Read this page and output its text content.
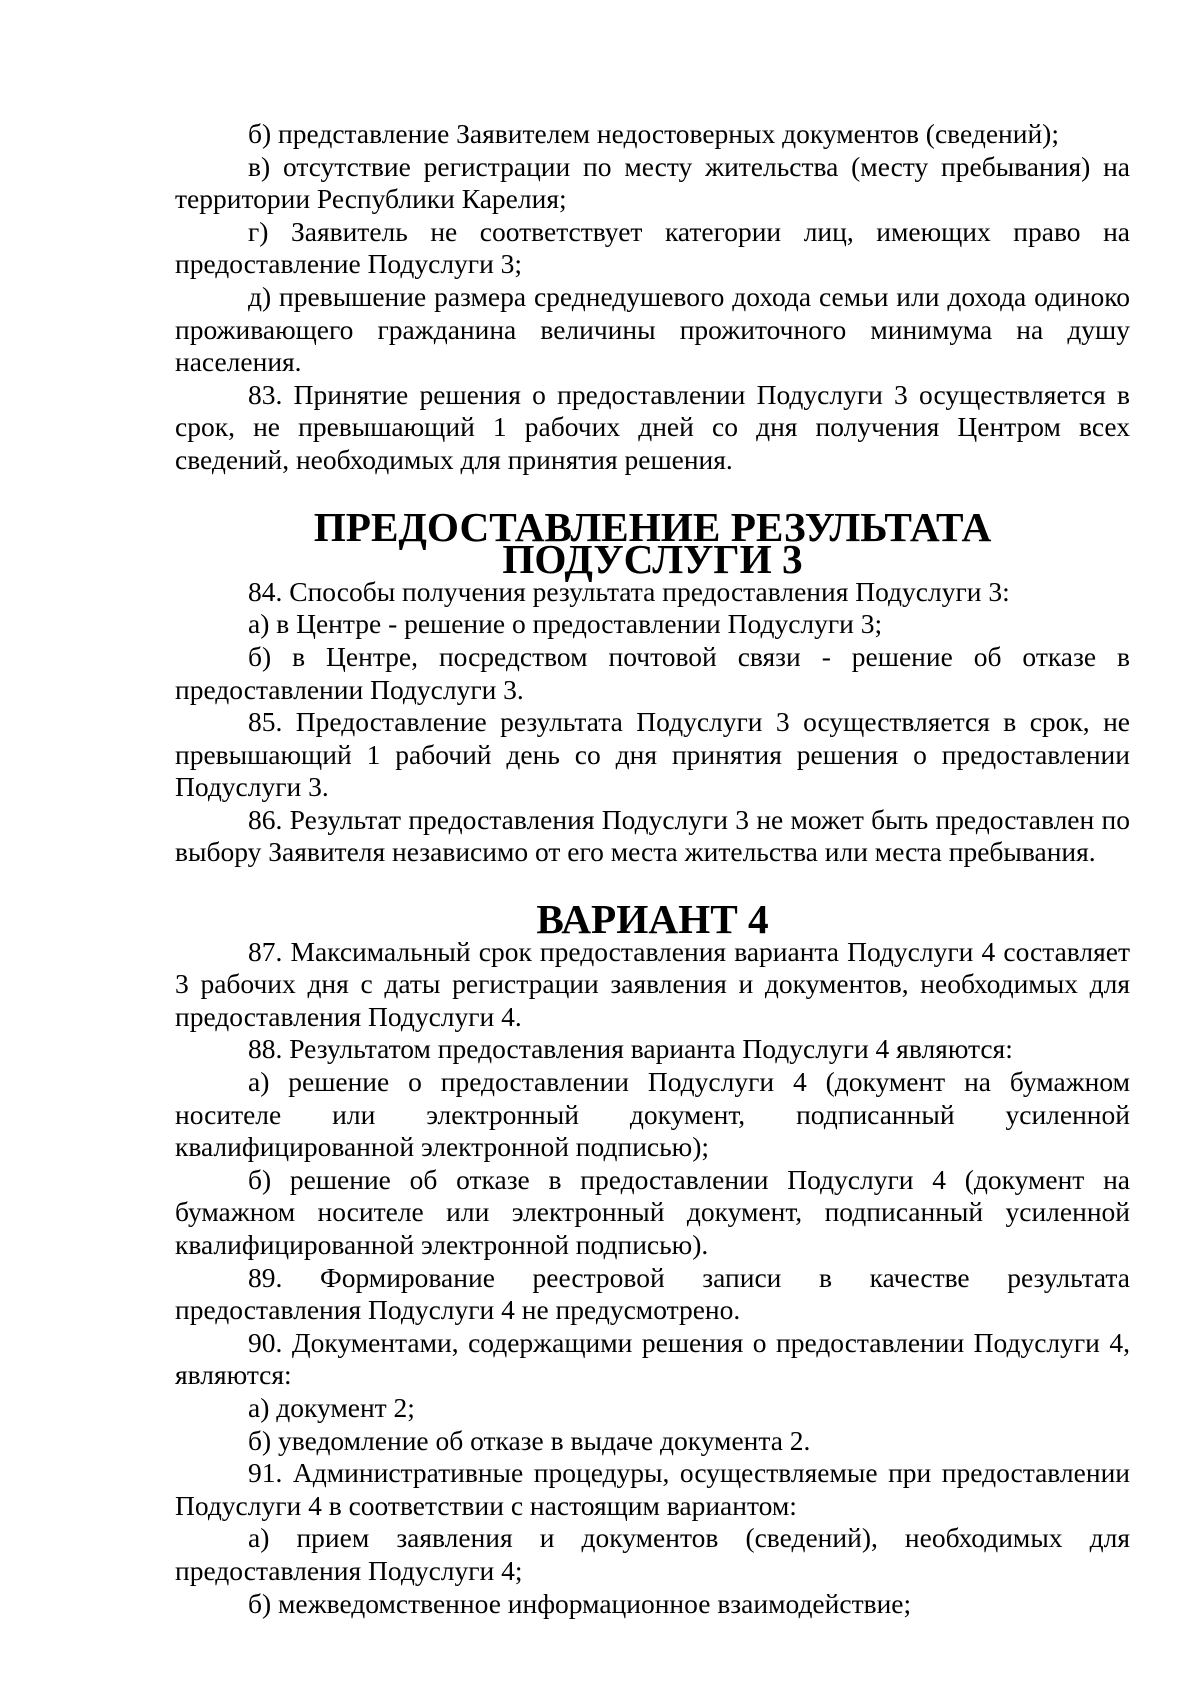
б) представление Заявителем недостоверных документов (сведений);

в) отсутствие регистрации по месту жительства (месту пребывания) на территории Республики Карелия;

г) Заявитель не соответствует категории лиц, имеющих право на предоставление Подуслуги 3;

д) превышение размера среднедушевого дохода семьи или дохода одиноко проживающего гражданина величины прожиточного минимума на душу населения.

83. Принятие решения о предоставлении Подуслуги 3 осуществляется в срок, не превышающий 1 рабочих дней со дня получения Центром всех сведений, необходимых для принятия решения.

ПРЕДОСТАВЛЕНИЕ РЕЗУЛЬТАТА ПОДУСЛУГИ 3

84. Способы получения результата предоставления Подуслуги 3:

а) в Центре - решение о предоставлении Подуслуги 3;

б) в Центре, посредством почтовой связи - решение об отказе в предоставлении Подуслуги 3.

85. Предоставление результата Подуслуги 3 осуществляется в срок, не превышающий 1 рабочий день со дня принятия решения о предоставлении Подуслуги 3.

86. Результат предоставления Подуслуги 3 не может быть предоставлен по выбору Заявителя независимо от его места жительства или места пребывания.

ВАРИАНТ 4

87. Максимальный срок предоставления варианта Подуслуги 4 составляет 3 рабочих дня с даты регистрации заявления и документов, необходимых для предоставления Подуслуги 4.

88. Результатом предоставления варианта Подуслуги 4 являются:

а) решение о предоставлении Подуслуги 4 (документ на бумажном носителе или электронный документ, подписанный усиленной квалифицированной электронной подписью);

б) решение об отказе в предоставлении Подуслуги 4 (документ на бумажном носителе или электронный документ, подписанный усиленной квалифицированной электронной подписью).

89. Формирование реестровой записи в качестве результата предоставления Подуслуги 4 не предусмотрено.

90. Документами, содержащими решения о предоставлении Подуслуги 4, являются:

а) документ 2;

б) уведомление об отказе в выдаче документа 2.

91. Административные процедуры, осуществляемые при предоставлении Подуслуги 4 в соответствии с настоящим вариантом:

а) прием заявления и документов (сведений), необходимых для предоставления Подуслуги 4;

б) межведомственное информационное взаимодействие;
